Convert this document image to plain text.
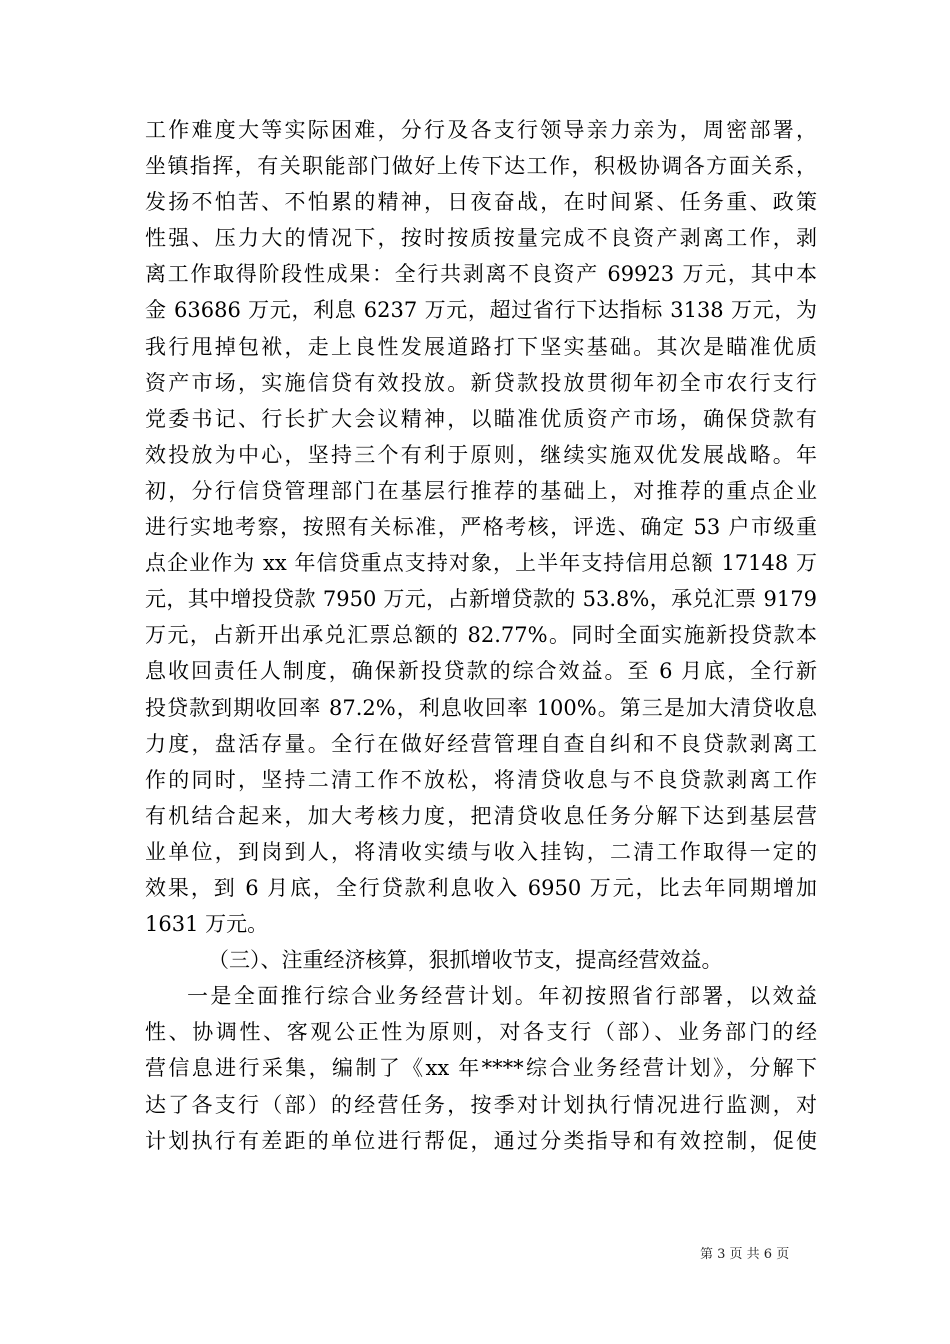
工作难度大等实际困难，分行及各支行领导亲力亲为，周密部署，
坐镇指挥，有关职能部门做好上传下达工作，积极协调各方面关系，
发扬不怕苦、不怕累的精神，日夜奋战，在时间紧、任务重、政策
性强、压力大的情况下，按时按质按量完成不良资产剥离工作，剥
离工作取得阶段性成果：全行共剥离不良资产 69923 万元，其中本
金 63686 万元，利息 6237 万元，超过省行下达指标 3138 万元，为
我行甩掉包袱，走上良性发展道路打下坚实基础。其次是瞄准优质
资产市场，实施信贷有效投放。新贷款投放贯彻年初全市农行支行
党委书记、行长扩大会议精神，以瞄准优质资产市场，确保贷款有
效投放为中心，坚持三个有利于原则，继续实施双优发展战略。年
初，分行信贷管理部门在基层行推荐的基础上，对推荐的重点企业
进行实地考察，按照有关标准，严格考核，评选、确定 53 户市级重
点企业作为 xx 年信贷重点支持对象，上半年支持信用总额 17148 万
元，其中增投贷款 7950 万元，占新增贷款的 53.8%，承兑汇票 9179
万元，占新开出承兑汇票总额的 82.77%。同时全面实施新投贷款本
息收回责任人制度，确保新投贷款的综合效益。至 6 月底，全行新
投贷款到期收回率 87.2%，利息收回率 100%。第三是加大清贷收息
力度，盘活存量。全行在做好经营管理自查自纠和不良贷款剥离工
作的同时，坚持二清工作不放松，将清贷收息与不良贷款剥离工作
有机结合起来，加大考核力度，把清贷收息任务分解下达到基层营
业单位，到岗到人，将清收实绩与收入挂钩，二清工作取得一定的
效果，到 6 月底，全行贷款利息收入 6950 万元，比去年同期增加
1631 万元。
（三）、注重经济核算，狠抓增收节支，提高经营效益。
一是全面推行综合业务经营计划。年初按照省行部署，以效益
性、协调性、客观公正性为原则，对各支行（部）、业务部门的经
营信息进行采集，编制了《xx 年****综合业务经营计划》，分解下
达了各支行（部）的经营任务，按季对计划执行情况进行监测，对
计划执行有差距的单位进行帮促，通过分类指导和有效控制，促使
第 3 页 共 6 页
